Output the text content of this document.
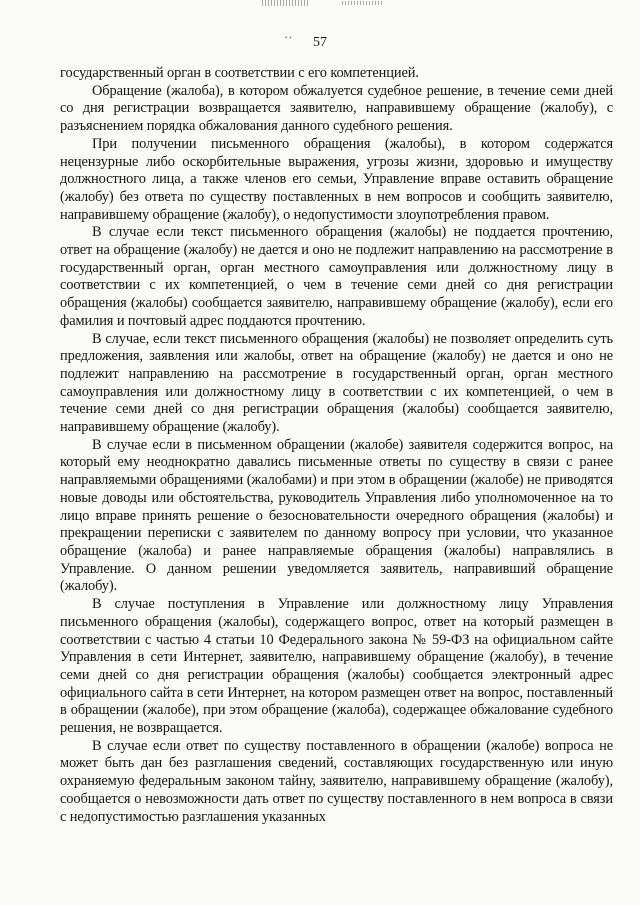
• •	57

государственный орган в соответствии с его компетенцией.

Обращение (жалоба), в котором обжалуется судебное решение, в течение семи дней со дня регистрации возвращается заявителю, направившему обращение (жалобу), с разъяснением порядка обжалования данного судебного решения.

При получении письменного обращения (жалобы), в котором содержатся нецензурные либо оскорбительные выражения, угрозы жизни, здоровью и имуществу должностного лица, а также членов его семьи, Управление вправе оставить обращение (жалобу) без ответа по существу поставленных в нем вопросов и сообщить заявителю, направившему обращение (жалобу), о недопустимости злоупотребления правом.

В случае если текст письменного обращения (жалобы) не поддается прочтению, ответ на обращение (жалобу) не дается и оно не подлежит направлению на рассмотрение в государственный орган, орган местного самоуправления или должностному лицу в соответствии с их компетенцией, о чем в течение семи дней со дня регистрации обращения (жалобы) сообщается заявителю, направившему обращение (жалобу), если его фамилия и почтовый адрес поддаются прочтению.

В случае, если текст письменного обращения (жалобы) не позволяет определить суть предложения, заявления или жалобы, ответ на обращение (жалобу) не дается и оно не подлежит направлению на рассмотрение в государственный орган, орган местного самоуправления или должностному лицу в соответствии с их компетенцией, о чем в течение семи дней со дня регистрации обращения (жалобы) сообщается заявителю, направившему обращение (жалобу).

В случае если в письменном обращении (жалобе) заявителя содержится вопрос, на который ему неоднократно давались письменные ответы по существу в связи с ранее направляемыми обращениями (жалобами) и при этом в обращении (жалобе) не приводятся новые доводы или обстоятельства, руководитель Управления либо уполномоченное на то лицо вправе принять решение о безосновательности очередного обращения (жалобы) и прекращении переписки с заявителем по данному вопросу при условии, что указанное обращение (жалоба) и ранее направляемые обращения (жалобы) направлялись в Управление. О данном решении уведомляется заявитель, направивший обращение (жалобу).

В случае поступления в Управление или должностному лицу Управления письменного обращения (жалобы), содержащего вопрос, ответ на который размещен в соответствии с частью 4 статьи 10 Федерального закона № 59-ФЗ на официальном сайте Управления в сети Интернет, заявителю, направившему обращение (жалобу), в течение семи дней со дня регистрации обращения (жалобы) сообщается электронный адрес официального сайта в сети Интернет, на котором размещен ответ на вопрос, поставленный в обращении (жалобе), при этом обращение (жалоба), содержащее обжалование судебного решения, не возвращается.

В случае если ответ по существу поставленного в обращении (жалобе) вопроса не может быть дан без разглашения сведений, составляющих государственную или иную охраняемую федеральным законом тайну, заявителю, направившему обращение (жалобу), сообщается о невозможности дать ответ по существу поставленного в нем вопроса в связи с недопустимостью разглашения указанных
